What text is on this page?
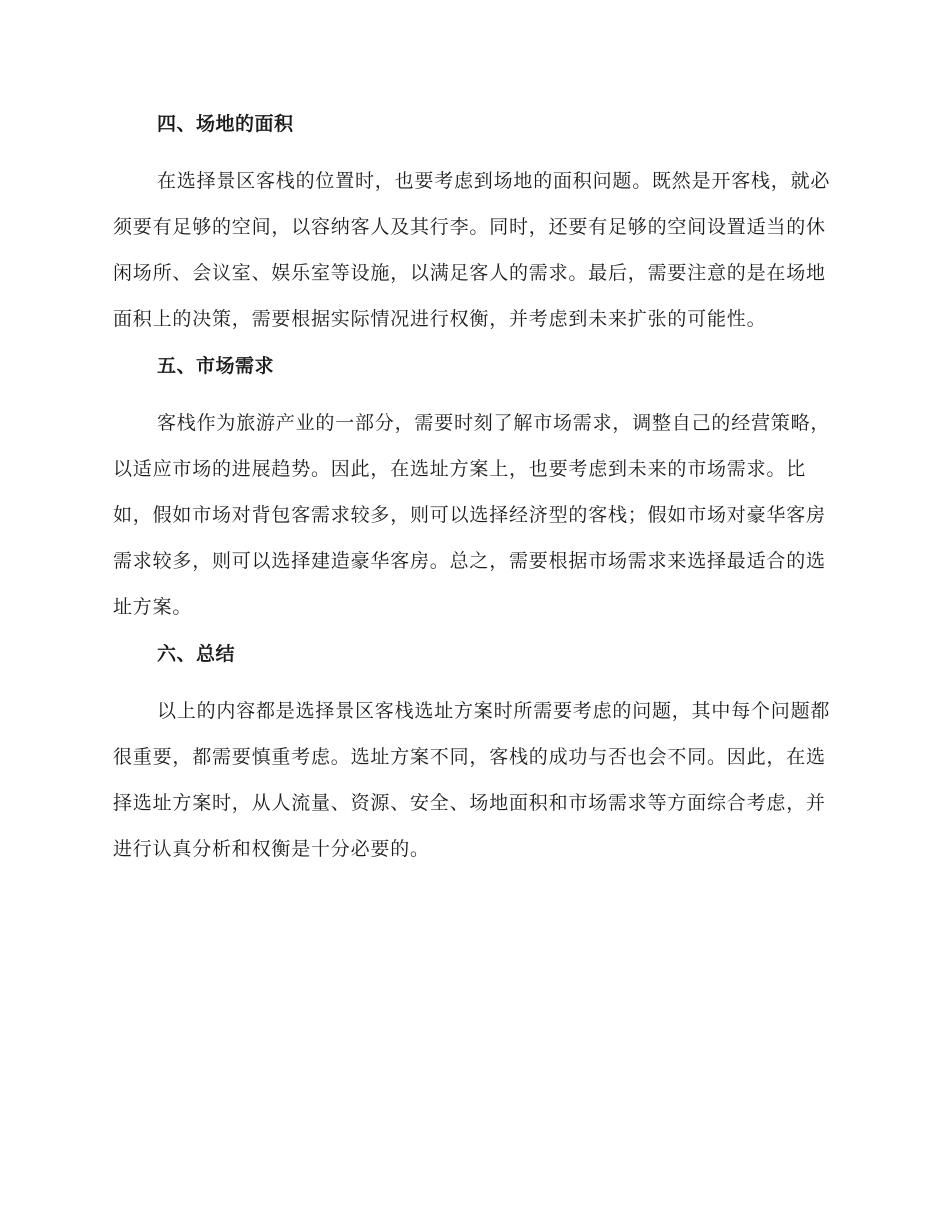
四、场地的面积

在选择景区客栈的位置时，也要考虑到场地的面积问题。既然是开客栈，就必须要有足够的空间，以容纳客人及其行李。同时，还要有足够的空间设置适当的休闲场所、会议室、娱乐室等设施，以满足客人的需求。最后，需要注意的是在场地面积上的决策，需要根据实际情况进行权衡，并考虑到未来扩张的可能性。

五、市场需求

客栈作为旅游产业的一部分，需要时刻了解市场需求，调整自己的经营策略，以适应市场的进展趋势。因此，在选址方案上，也要考虑到未来的市场需求。比如，假如市场对背包客需求较多，则可以选择经济型的客栈；假如市场对豪华客房需求较多，则可以选择建造豪华客房。总之，需要根据市场需求来选择最适合的选址方案。

六、总结

以上的内容都是选择景区客栈选址方案时所需要考虑的问题，其中每个问题都很重要，都需要慎重考虑。选址方案不同，客栈的成功与否也会不同。因此，在选择选址方案时，从人流量、资源、安全、场地面积和市场需求等方面综合考虑，并进行认真分析和权衡是十分必要的。
